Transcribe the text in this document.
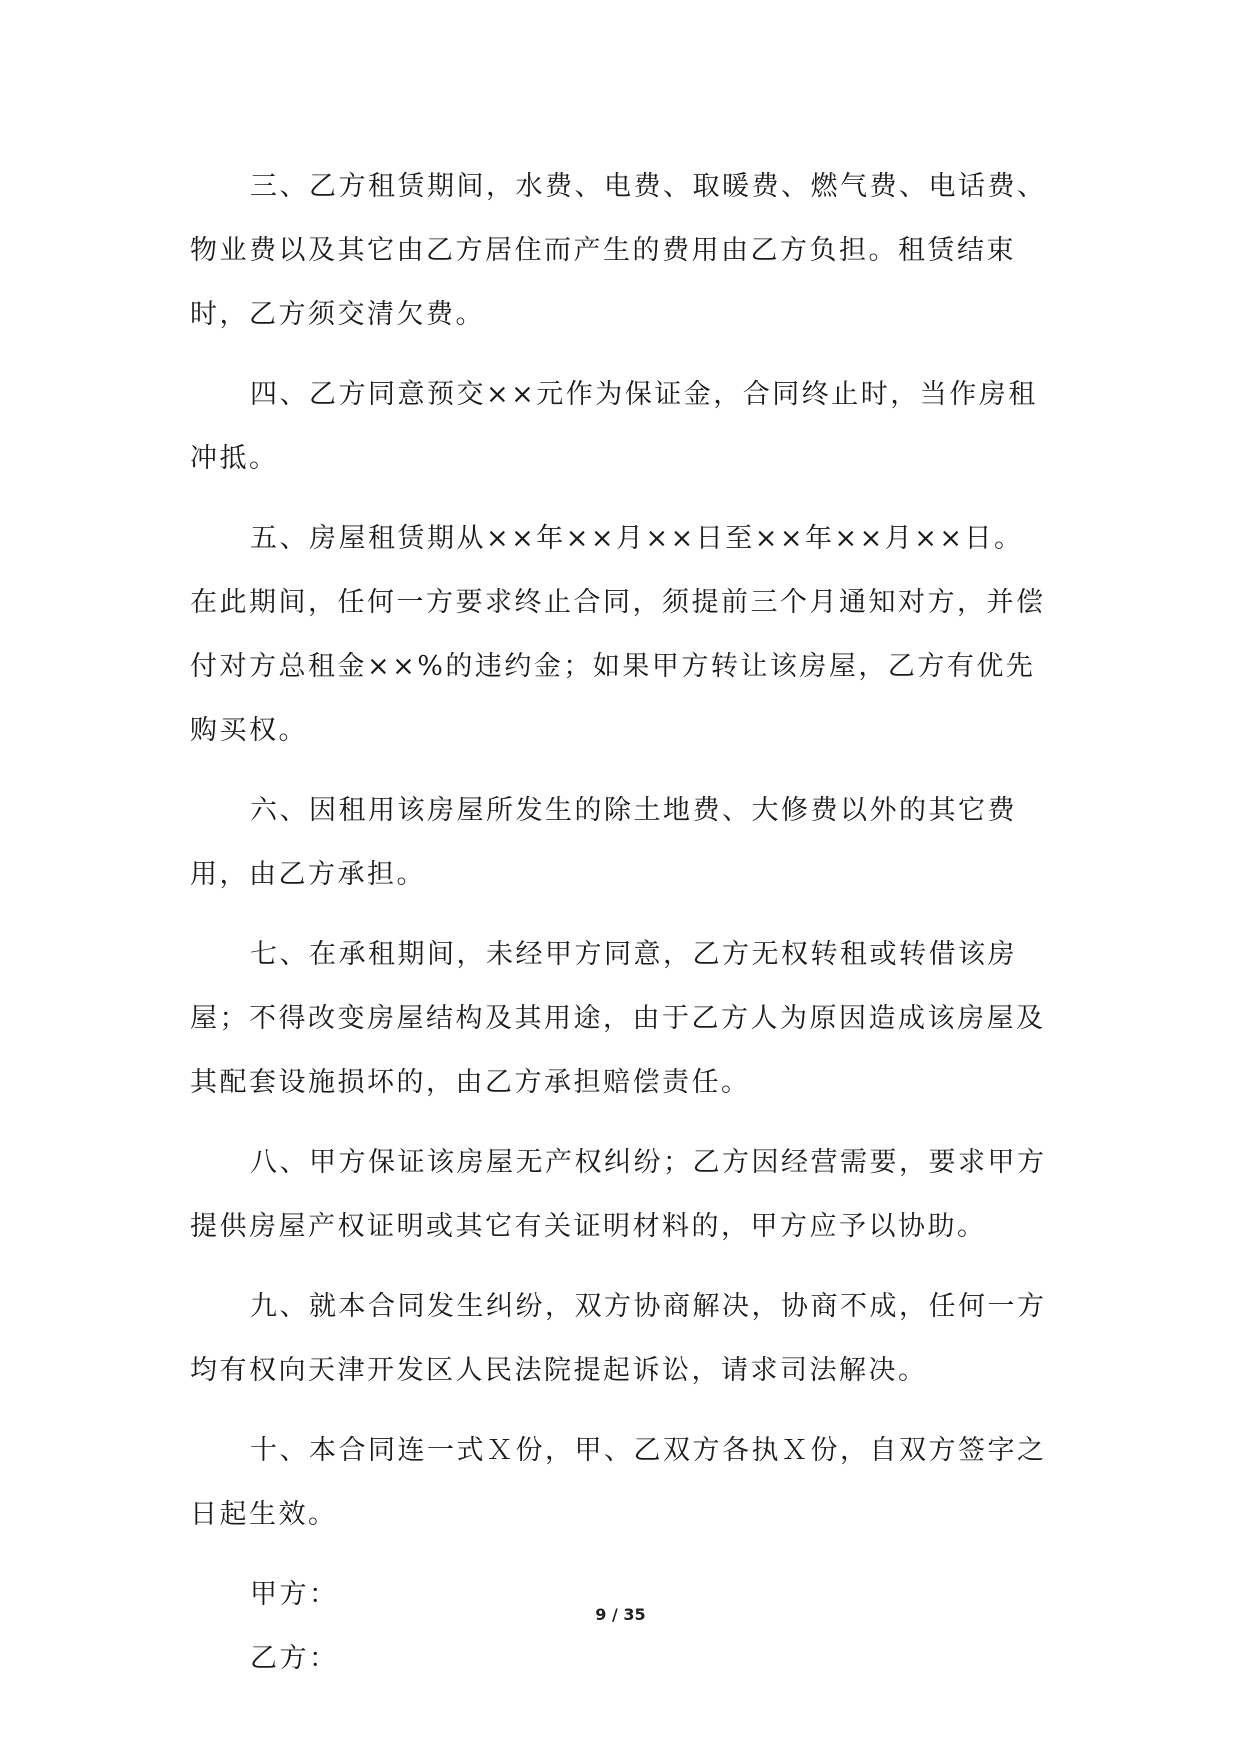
三、乙方租赁期间，水费、电费、取暖费、燃气费、电话费、物业费以及其它由乙方居住而产生的费用由乙方负担。租赁结束时，乙方须交清欠费。

四、乙方同意预交××元作为保证金，合同终止时，当作房租冲抵。

五、房屋租赁期从××年××月××日至××年××月××日。在此期间，任何一方要求终止合同，须提前三个月通知对方，并偿付对方总租金××%的违约金；如果甲方转让该房屋，乙方有优先购买权。

六、因租用该房屋所发生的除土地费、大修费以外的其它费用，由乙方承担。

七、在承租期间，未经甲方同意，乙方无权转租或转借该房屋；不得改变房屋结构及其用途，由于乙方人为原因造成该房屋及其配套设施损坏的，由乙方承担赔偿责任。

八、甲方保证该房屋无产权纠纷；乙方因经营需要，要求甲方提供房屋产权证明或其它有关证明材料的，甲方应予以协助。

九、就本合同发生纠纷，双方协商解决，协商不成，任何一方均有权向天津开发区人民法院提起诉讼，请求司法解决。

十、本合同连一式Ｘ份，甲、乙双方各执Ｘ份，自双方签字之日起生效。

甲方：

乙方：

9 / 35
